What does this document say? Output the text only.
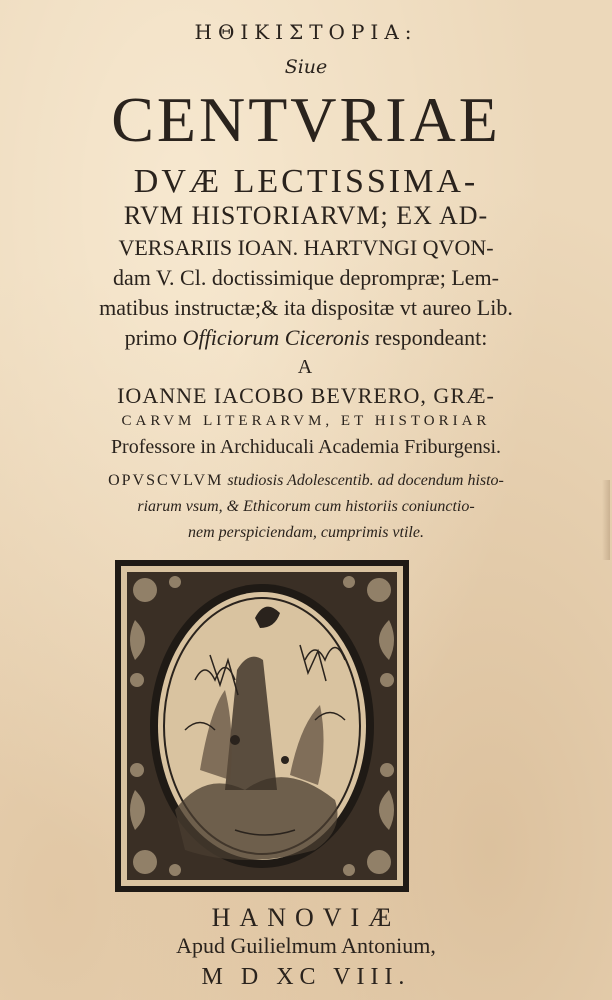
ΗΘΙΚΙΣΤΟΡΙΑ:
Siue
CENTVRIAE
DVÆ LECTISSIMA-
RVM HISTORIARVM; EX AD-
VERSARIIS IOAN. HARTVNGI QVON-
dam V. Cl. doctissimique deprompræ; Lem-
matibus instructæ;& ita dispositæ vt aureo Lib.
primo Officiorum Ciceronis respondeant:
A
IOANNE IACOBO BEVRERO, GRÆ-
CARVM LITERARVM, ET HISTORIAR
Professore in Archiducali Academia Friburgensi.
OPVSCVLVM studiosis Adolescentib. ad docendum histo-
riarum vsum, & Ethicorum cum historiis coniunctio-
nem perspiciendam, cumprimis vtile.
HANOVIÆ
Apud Guilielmum Antonium,
M D XC VIII.
